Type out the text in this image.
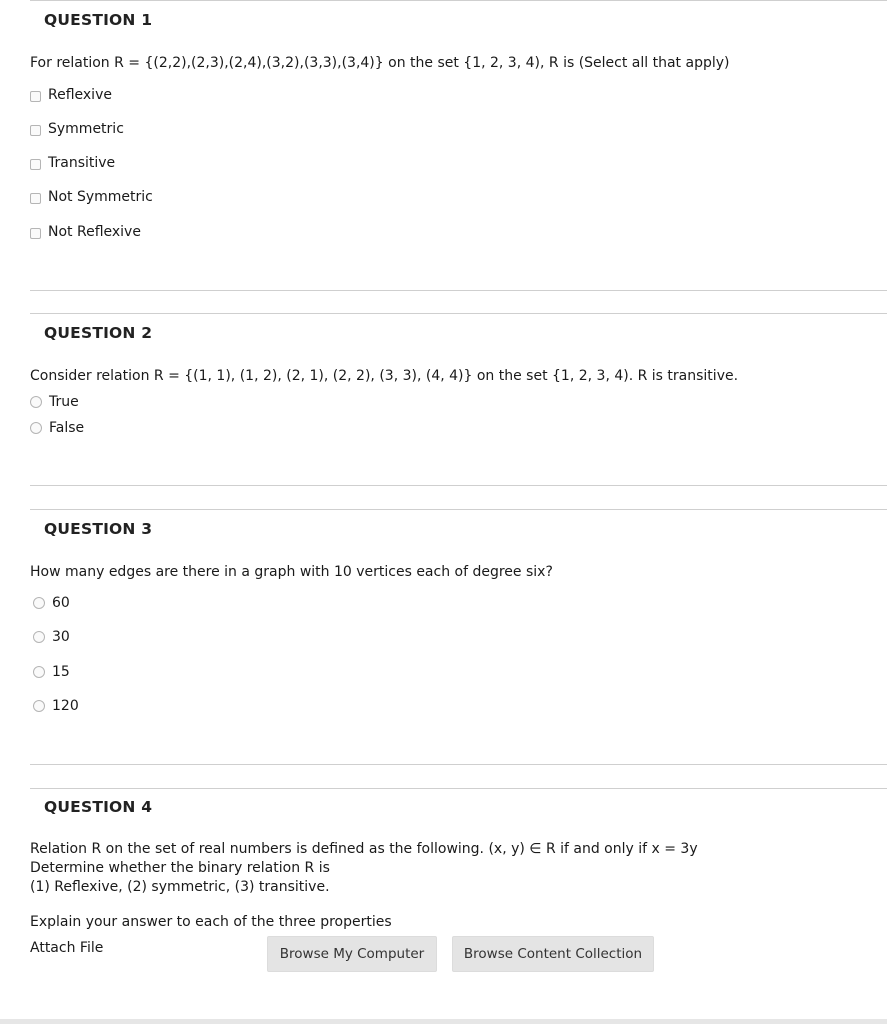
QUESTION 1
For relation R = {(2,2),(2,3),(2,4),(3,2),(3,3),(3,4)} on the set {1, 2, 3, 4), R is (Select all that apply)
Reflexive
Symmetric
Transitive
Not Symmetric
Not Reflexive
QUESTION 2
Consider relation R = {(1, 1), (1, 2), (2, 1), (2, 2), (3, 3), (4, 4)} on the set {1, 2, 3, 4). R is transitive.
True
False
QUESTION 3
How many edges are there in a graph with 10 vertices each of degree six?
60
30
15
120
QUESTION 4
Relation R on the set of real numbers is defined as the following. (x, y) ∈ R if and only if x = 3y
Determine whether the binary relation R is
(1) Reflexive, (2) symmetric, (3) transitive.
Explain your answer to each of the three properties
Attach File	Browse My Computer	Browse Content Collection
